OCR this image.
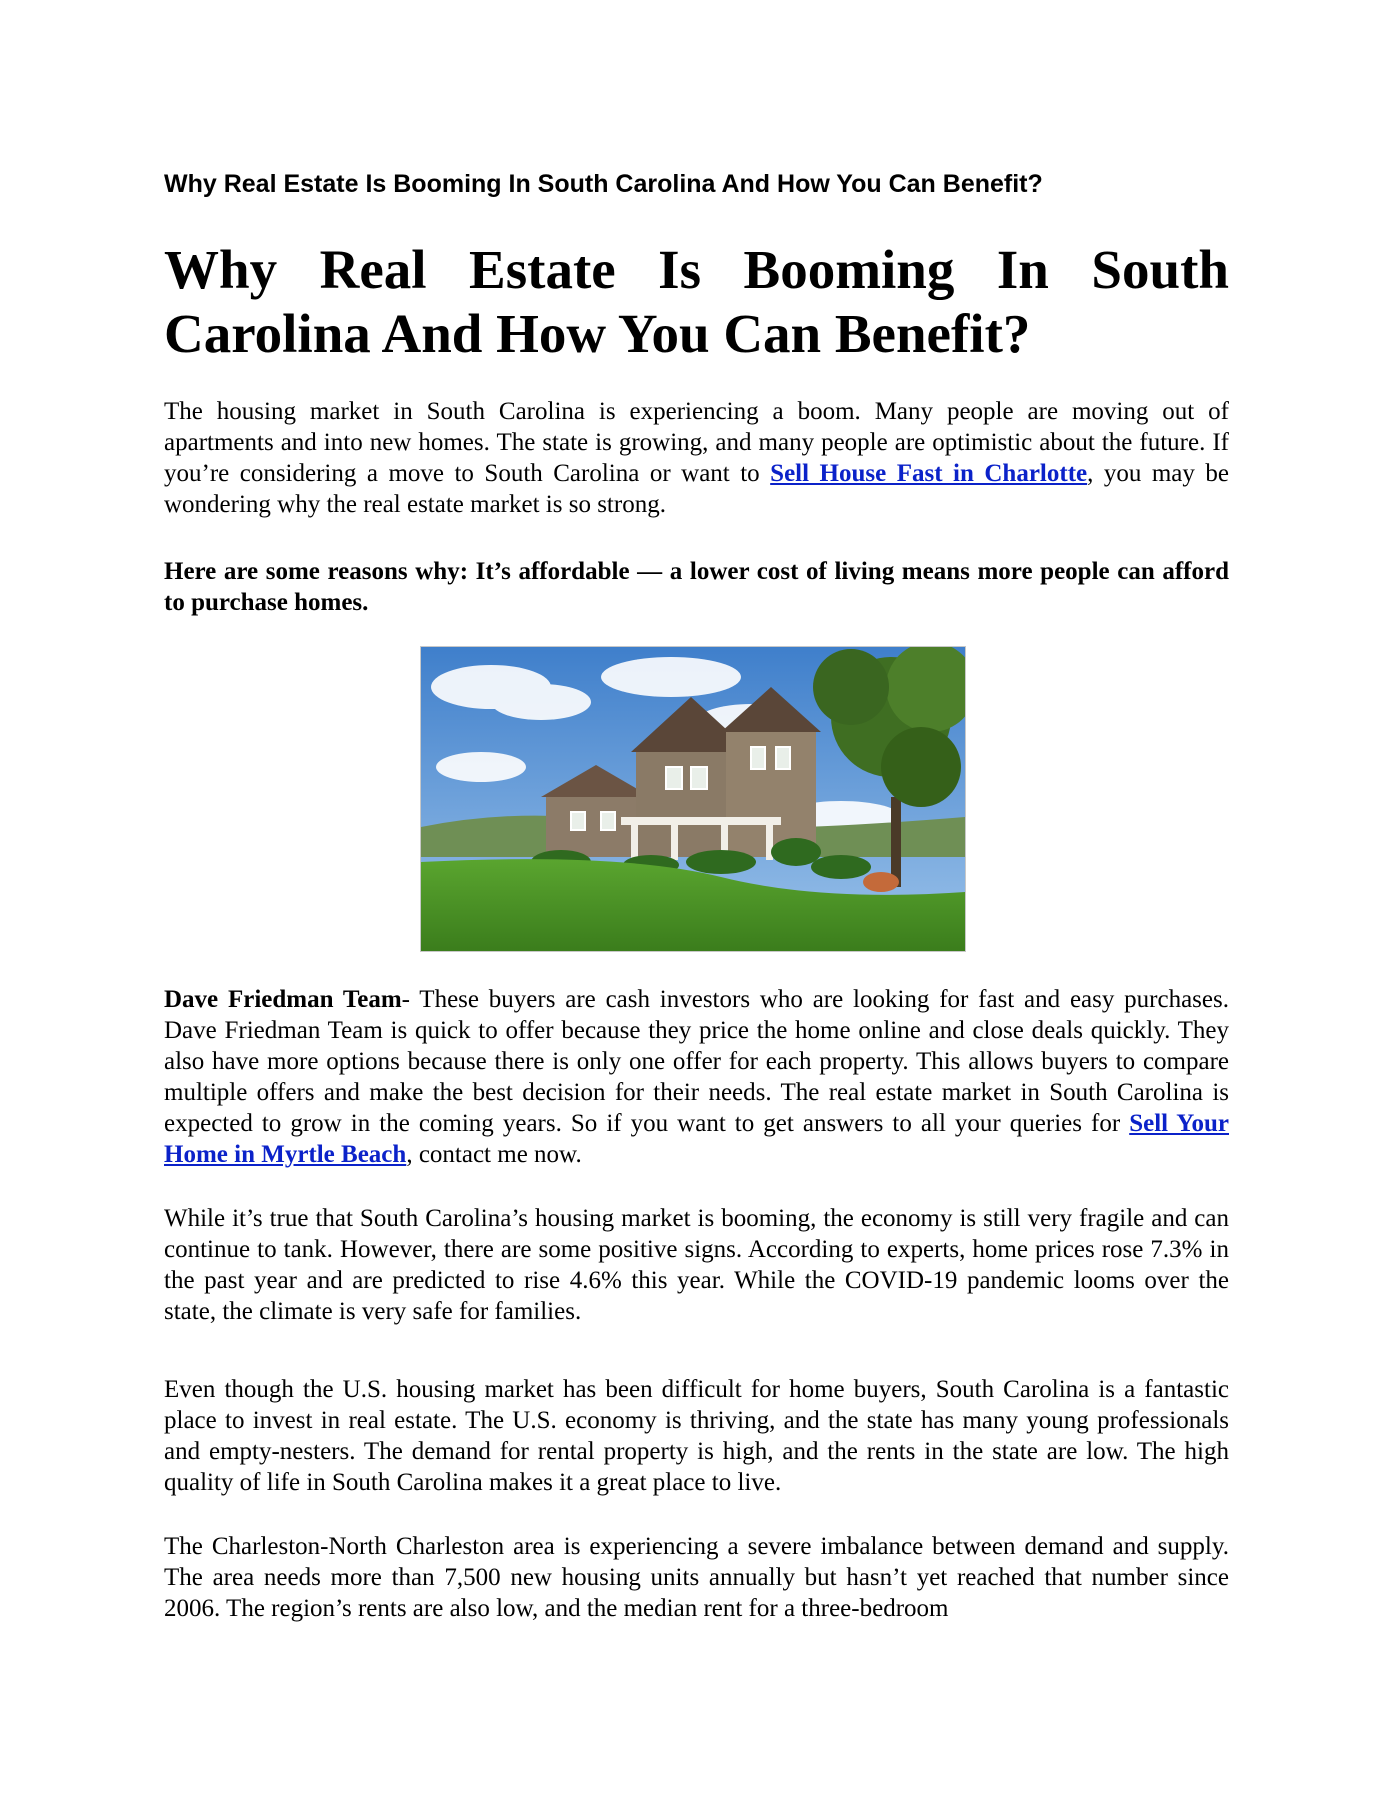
Why Real Estate Is Booming In South Carolina And How You Can Benefit?
Why Real Estate Is Booming In South Carolina And How You Can Benefit?

The housing market in South Carolina is experiencing a boom. Many people are moving out of apartments and into new homes. The state is growing, and many people are optimistic about the future. If you’re considering a move to South Carolina or want to Sell House Fast in Charlotte, you may be wondering why the real estate market is so strong.

Here are some reasons why: It’s affordable — a lower cost of living means more people can afford to purchase homes.

Dave Friedman Team- These buyers are cash investors who are looking for fast and easy purchases. Dave Friedman Team is quick to offer because they price the home online and close deals quickly. They also have more options because there is only one offer for each property. This allows buyers to compare multiple offers and make the best decision for their needs. The real estate market in South Carolina is expected to grow in the coming years. So if you want to get answers to all your queries for Sell Your Home in Myrtle Beach, contact me now.

While it’s true that South Carolina’s housing market is booming, the economy is still very fragile and can continue to tank. However, there are some positive signs. According to experts, home prices rose 7.3% in the past year and are predicted to rise 4.6% this year. While the COVID-19 pandemic looms over the state, the climate is very safe for families.

Even though the U.S. housing market has been difficult for home buyers, South Carolina is a fantastic place to invest in real estate. The U.S. economy is thriving, and the state has many young professionals and empty-nesters. The demand for rental property is high, and the rents in the state are low. The high quality of life in South Carolina makes it a great place to live.

The Charleston-North Charleston area is experiencing a severe imbalance between demand and supply. The area needs more than 7,500 new housing units annually but hasn’t yet reached that number since 2006. The region’s rents are also low, and the median rent for a three-bedroom
